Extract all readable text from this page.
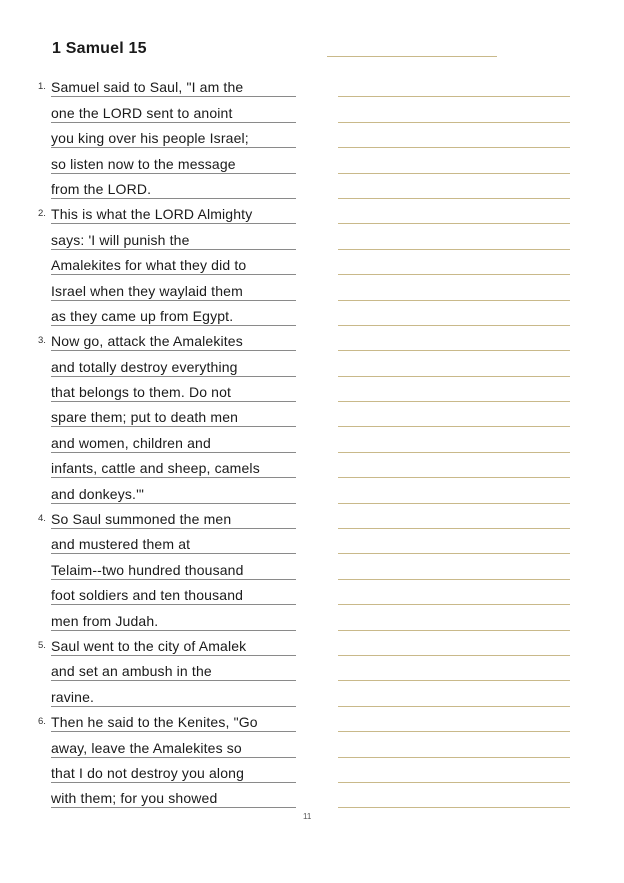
1 Samuel 15
1. Samuel said to Saul, "I am the
one the LORD sent to anoint
you king over his people Israel;
so listen now to the message
from the LORD.
2. This is what the LORD Almighty
says: 'I will punish the
Amalekites for what they did to
Israel when they waylaid them
as they came up from Egypt.
3. Now go, attack the Amalekites
and totally destroy everything
that belongs to them. Do not
spare them; put to death men
and women, children and
infants, cattle and sheep, camels
and donkeys.'"
4. So Saul summoned the men
and mustered them at
Telaim--two hundred thousand
foot soldiers and ten thousand
men from Judah.
5. Saul went to the city of Amalek
and set an ambush in the
ravine.
6. Then he said to the Kenites, "Go
away, leave the Amalekites so
that I do not destroy you along
with them; for you showed
11
